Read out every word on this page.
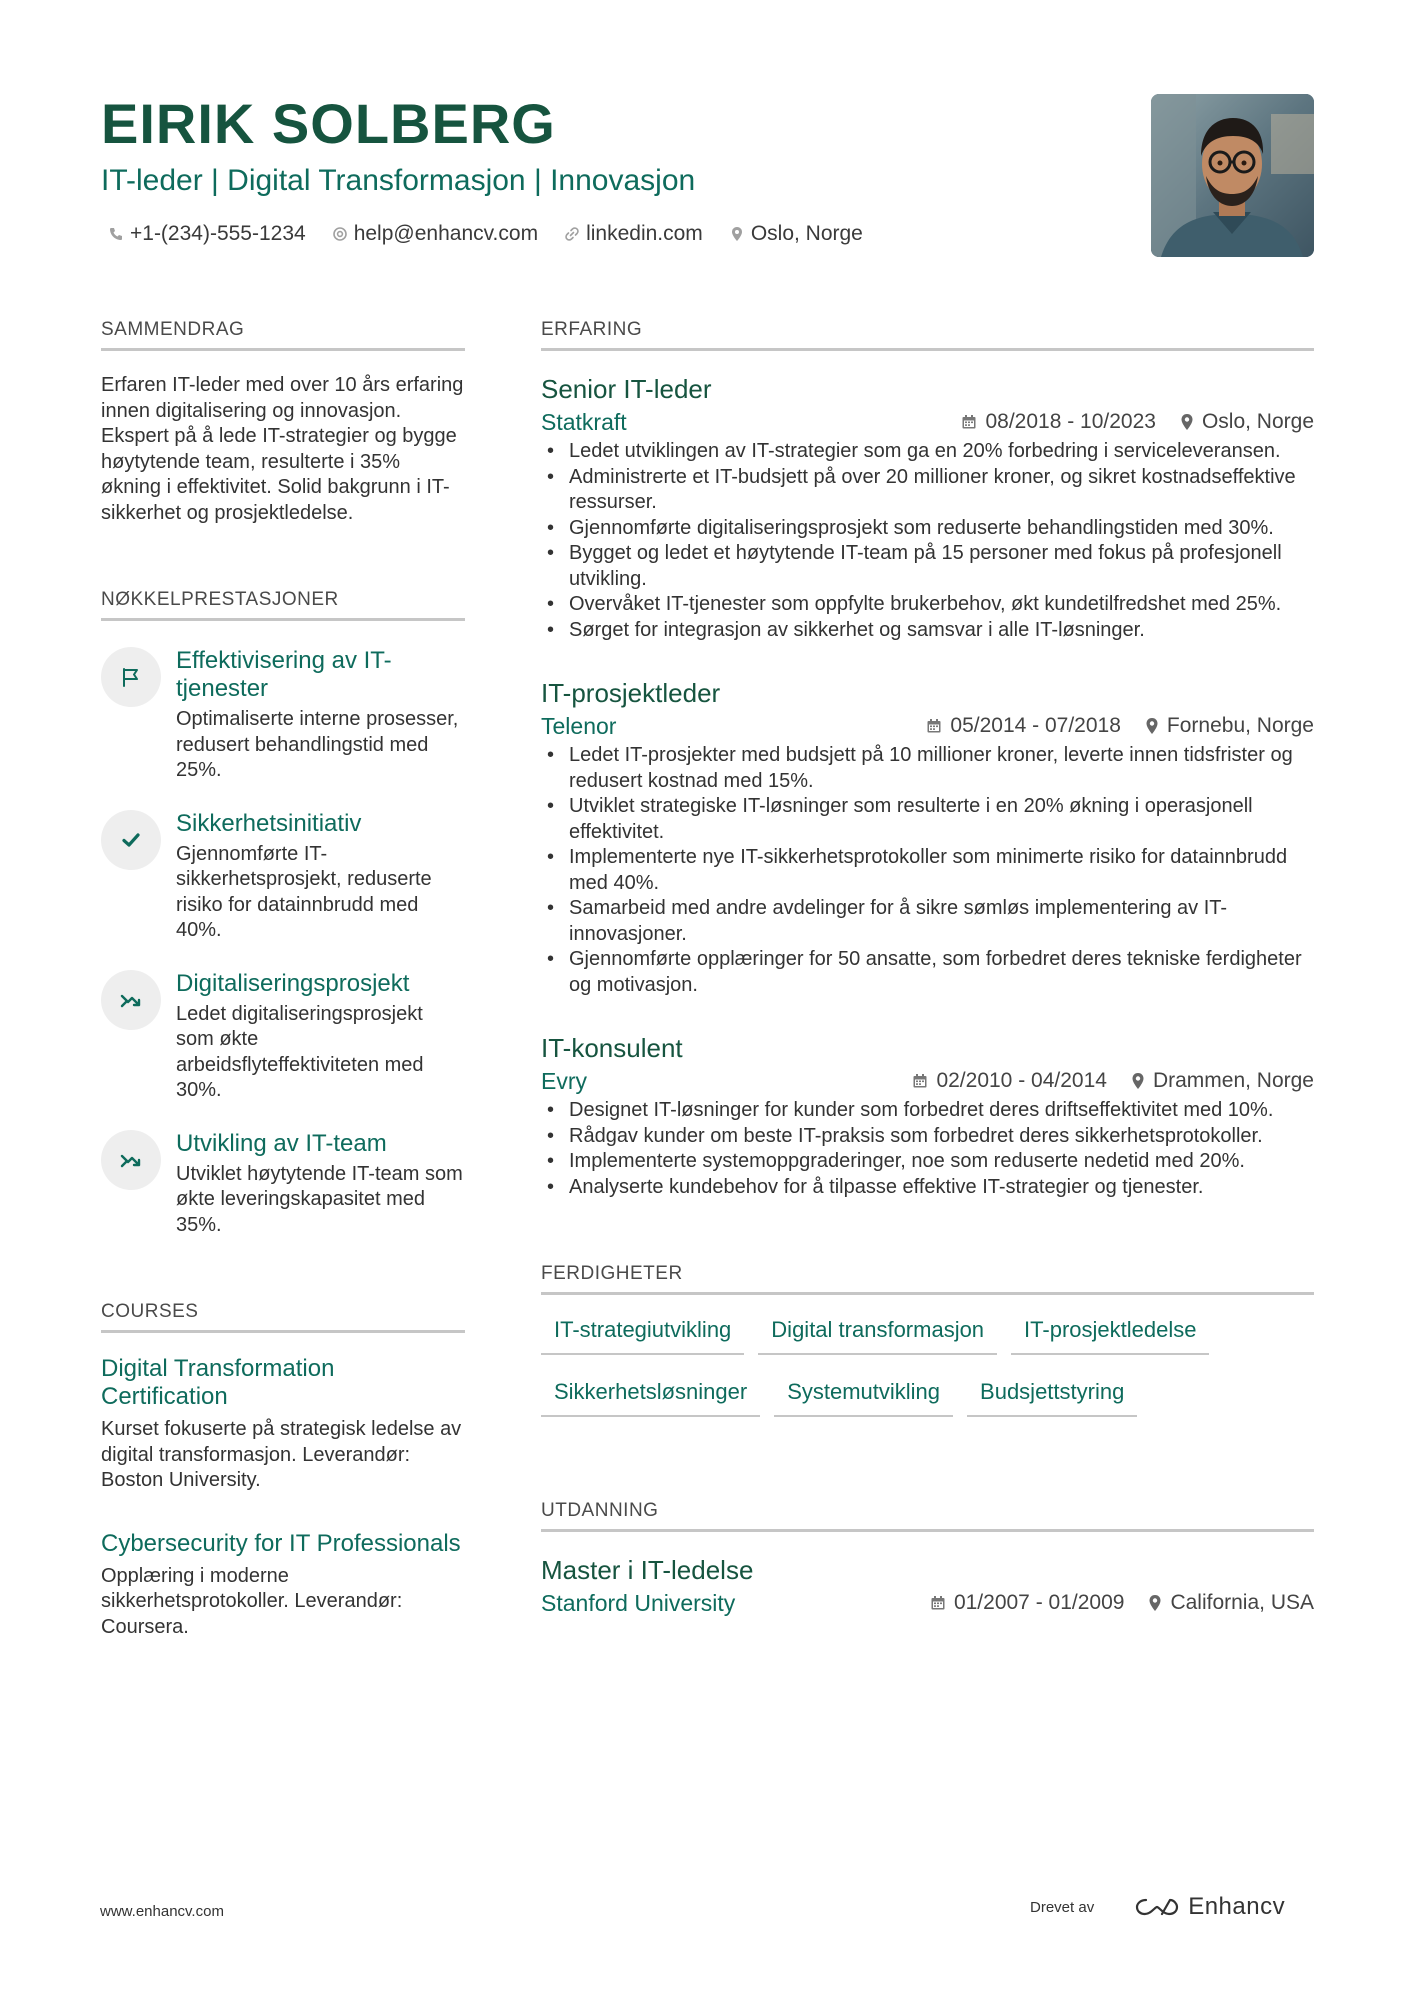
EIRIK SOLBERG
IT-leder | Digital Transformasjon | Innovasjon
+1-(234)-555-1234 help@enhancv.com linkedin.com Oslo, Norge
SAMMENDRAG

Erfaren IT-leder med over 10 års erfaring innen digitalisering og innovasjon. Ekspert på å lede IT-strategier og bygge høytytende team, resulterte i 35% økning i effektivitet. Solid bakgrunn i IT-sikkerhet og prosjektledelse.

NØKKELPRESTASJONER
Effektivisering av IT-tjenester
Optimaliserte interne prosesser, redusert behandlingstid med 25%.
Sikkerhetsinitiativ
Gjennomførte IT-sikkerhetsprosjekt, reduserte risiko for datainnbrudd med 40%.
Digitaliseringsprosjekt
Ledet digitaliseringsprosjekt som økte arbeidsflyteffektiviteten med 30%.
Utvikling av IT-team
Utviklet høytytende IT-team som økte leveringskapasitet med 35%.
COURSES
Digital Transformation Certification
Kurset fokuserte på strategisk ledelse av digital transformasjon. Leverandør: Boston University.
Cybersecurity for IT Professionals
Opplæring i moderne sikkerhetsprotokoller. Leverandør: Coursera.
ERFARING
Senior IT-leder
Statkraft	08/2018 - 10/2023 Oslo, Norge
• Ledet utviklingen av IT-strategier som ga en 20% forbedring i serviceleveransen.
• Administrerte et IT-budsjett på over 20 millioner kroner, og sikret kostnadseffektive ressurser.
• Gjennomførte digitaliseringsprosjekt som reduserte behandlingstiden med 30%.
• Bygget og ledet et høytytende IT-team på 15 personer med fokus på profesjonell utvikling.
• Overvåket IT-tjenester som oppfylte brukerbehov, økt kundetilfredshet med 25%.
• Sørget for integrasjon av sikkerhet og samsvar i alle IT-løsninger.
IT-prosjektleder
Telenor	05/2014 - 07/2018 Fornebu, Norge
• Ledet IT-prosjekter med budsjett på 10 millioner kroner, leverte innen tidsfrister og redusert kostnad med 15%.
• Utviklet strategiske IT-løsninger som resulterte i en 20% økning i operasjonell effektivitet.
• Implementerte nye IT-sikkerhetsprotokoller som minimerte risiko for datainnbrudd med 40%.
• Samarbeid med andre avdelinger for å sikre sømløs implementering av IT-innovasjoner.
• Gjennomførte opplæringer for 50 ansatte, som forbedret deres tekniske ferdigheter og motivasjon.
IT-konsulent
Evry	02/2010 - 04/2014 Drammen, Norge
• Designet IT-løsninger for kunder som forbedret deres driftseffektivitet med 10%.
• Rådgav kunder om beste IT-praksis som forbedret deres sikkerhetsprotokoller.
• Implementerte systemoppgraderinger, noe som reduserte nedetid med 20%.
• Analyserte kundebehov for å tilpasse effektive IT-strategier og tjenester.
FERDIGHETER
IT-strategiutvikling	Digital transformasjon	IT-prosjektledelse
Sikkerhetsløsninger	Systemutvikling	Budsjettstyring
UTDANNING
Master i IT-ledelse
Stanford University	01/2007 - 01/2009 California, USA
www.enhancv.com	Drevet av	Enhancv
